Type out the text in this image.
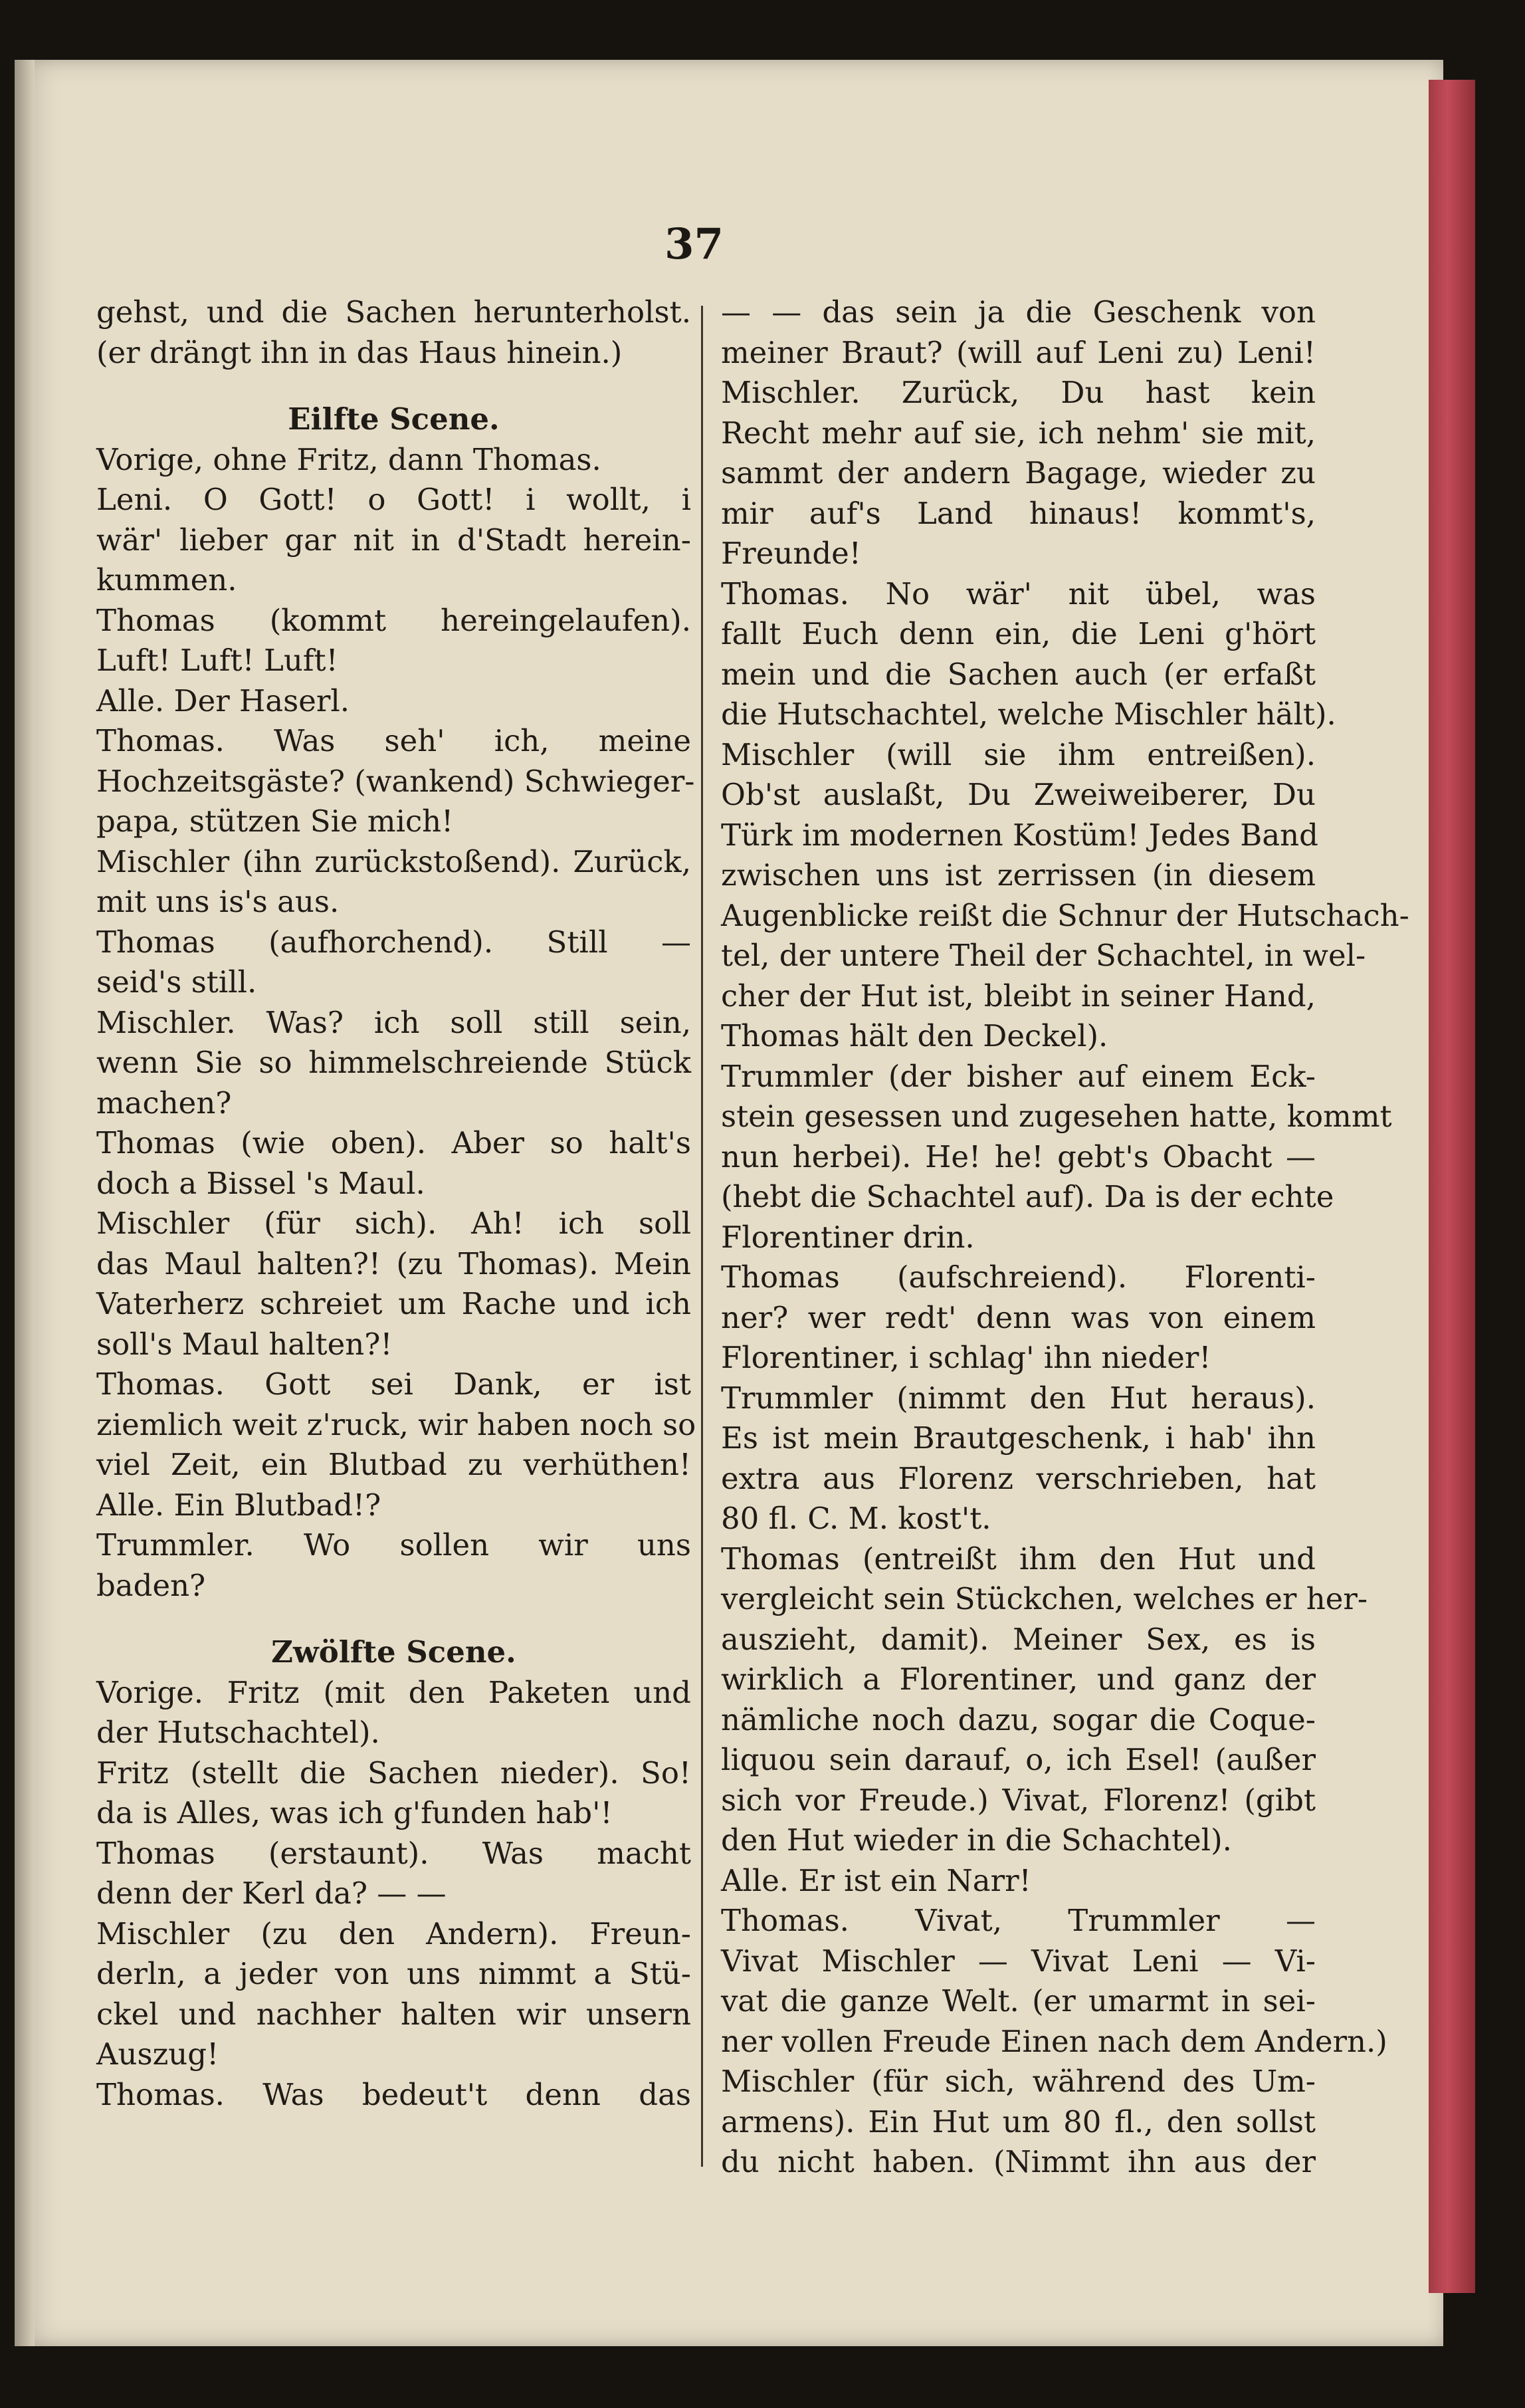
37
gehst, und die Sachen herunterholst.
(er drängt ihn in das Haus hinein.)
Eilfte Scene.
Vorige, ohne Fritz, dann Thomas.
Leni. O Gott! o Gott! i wollt, i
wär' lieber gar nit in d'Stadt herein-
kummen.
Thomas (kommt hereingelaufen).
Luft! Luft! Luft!
Alle. Der Haserl.
Thomas. Was seh' ich, meine
Hochzeitsgäste? (wankend) Schwieger-
papa, stützen Sie mich!
Mischler (ihn zurückstoßend). Zurück,
mit uns is's aus.
Thomas (aufhorchend). Still —
seid's still.
Mischler. Was? ich soll still sein,
wenn Sie so himmelschreiende Stück
machen?
Thomas (wie oben). Aber so halt's
doch a Bissel 's Maul.
Mischler (für sich). Ah! ich soll
das Maul halten?! (zu Thomas). Mein
Vaterherz schreiet um Rache und ich
soll's Maul halten?!
Thomas. Gott sei Dank, er ist
ziemlich weit z'ruck, wir haben noch so
viel Zeit, ein Blutbad zu verhüthen!
Alle. Ein Blutbad!?
Trummler. Wo sollen wir uns
baden?
Zwölfte Scene.
Vorige. Fritz (mit den Paketen und
der Hutschachtel).
Fritz (stellt die Sachen nieder). So!
da is Alles, was ich g'funden hab'!
Thomas (erstaunt). Was macht
denn der Kerl da? — —
Mischler (zu den Andern). Freun-
derln, a jeder von uns nimmt a Stü-
ckel und nachher halten wir unsern
Auszug!
Thomas. Was bedeut't denn das
— — das sein ja die Geschenk von
meiner Braut? (will auf Leni zu) Leni!
Mischler. Zurück, Du hast kein
Recht mehr auf sie, ich nehm' sie mit,
sammt der andern Bagage, wieder zu
mir auf's Land hinaus! kommt's,
Freunde!
Thomas. No wär' nit übel, was
fallt Euch denn ein, die Leni g'hört
mein und die Sachen auch (er erfaßt
die Hutschachtel, welche Mischler hält).
Mischler (will sie ihm entreißen).
Ob'st auslaßt, Du Zweiweiberer, Du
Türk im modernen Kostüm! Jedes Band
zwischen uns ist zerrissen (in diesem
Augenblicke reißt die Schnur der Hutschach-
tel, der untere Theil der Schachtel, in wel-
cher der Hut ist, bleibt in seiner Hand,
Thomas hält den Deckel).
Trummler (der bisher auf einem Eck-
stein gesessen und zugesehen hatte, kommt
nun herbei). He! he! gebt's Obacht —
(hebt die Schachtel auf). Da is der echte
Florentiner drin.
Thomas (aufschreiend). Florenti-
ner? wer redt' denn was von einem
Florentiner, i schlag' ihn nieder!
Trummler (nimmt den Hut heraus).
Es ist mein Brautgeschenk, i hab' ihn
extra aus Florenz verschrieben, hat
80 fl. C. M. kost't.
Thomas (entreißt ihm den Hut und
vergleicht sein Stückchen, welches er her-
auszieht, damit). Meiner Sex, es is
wirklich a Florentiner, und ganz der
nämliche noch dazu, sogar die Coque-
liquou sein darauf, o, ich Esel! (außer
sich vor Freude.) Vivat, Florenz! (gibt
den Hut wieder in die Schachtel).
Alle. Er ist ein Narr!
Thomas. Vivat, Trummler —
Vivat Mischler — Vivat Leni — Vi-
vat die ganze Welt. (er umarmt in sei-
ner vollen Freude Einen nach dem Andern.)
Mischler (für sich, während des Um-
armens). Ein Hut um 80 fl., den sollst
du nicht haben. (Nimmt ihn aus der
